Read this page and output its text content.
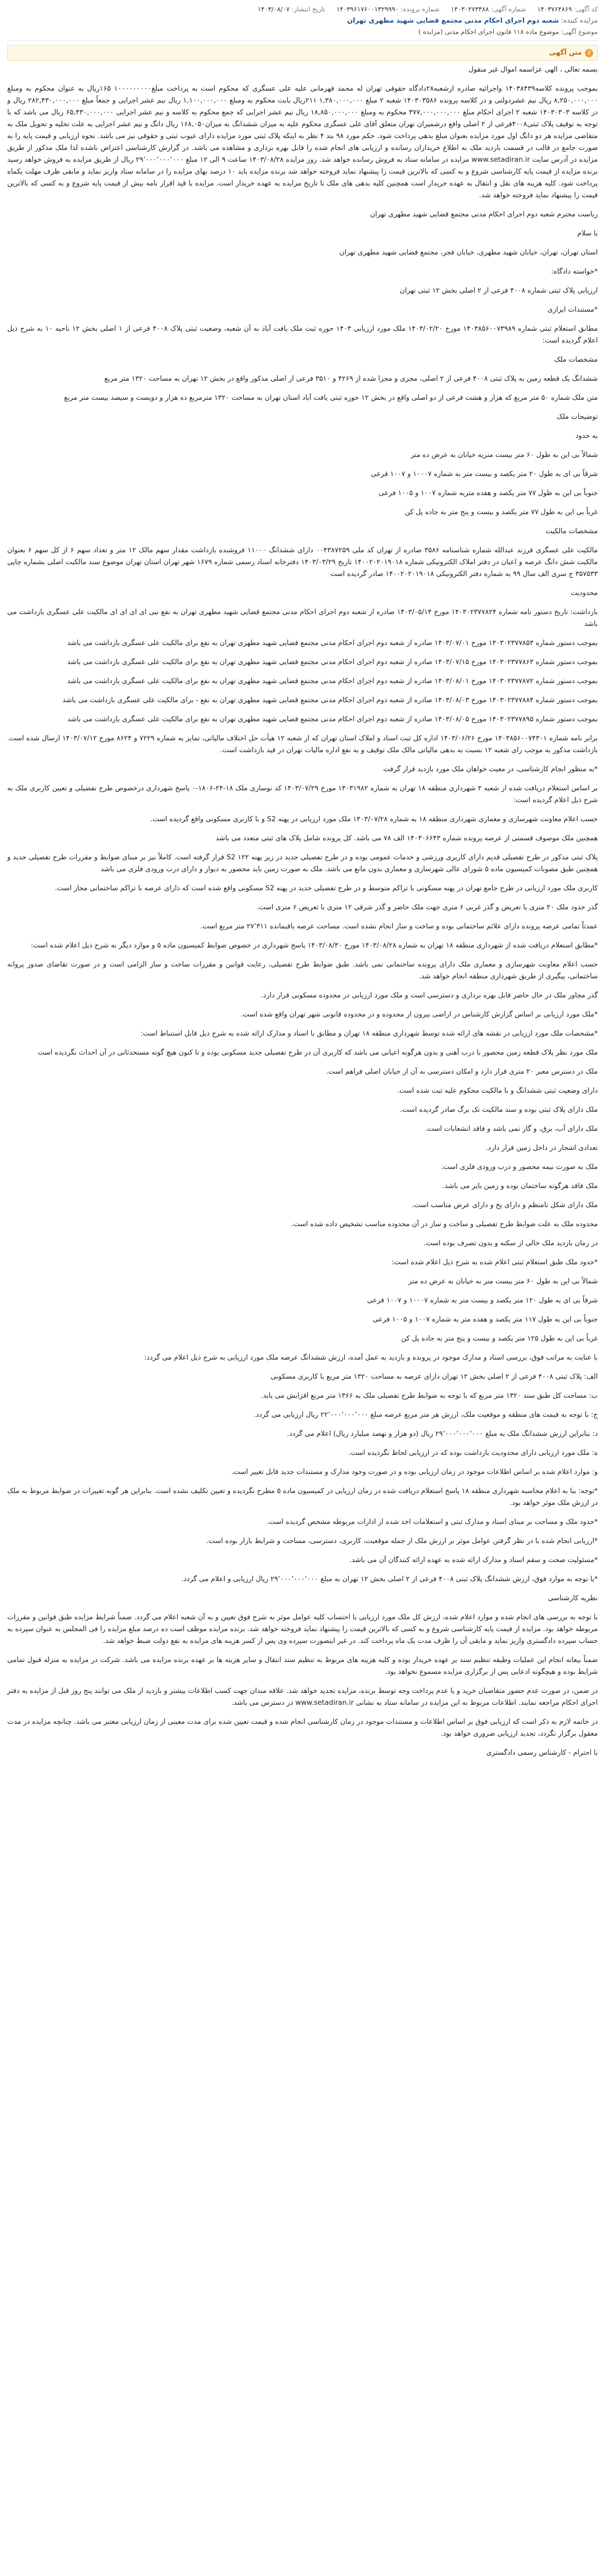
کد آگهی: ۱۴۰۳۷۶۴۸۶۹
شماره آگهی: ۱۴۰۳۰۲۷۳۳۸۸
شماره پرونده: ۱۴۰۳۹۶۱۷۶۰۰۱۳۲۹۹۹۰
تاریخ انتشار: ۱۴۰۳/۰۸/۰۷
مزایده کننده: شعبه دوم اجرای احکام مدنی مجتمع قضایی شهید مطهری تهران
موضوع آگهی: موضوع ماده ۱۱۸ قانون اجرای احکام مدنی (مزایده )
i
متن آگهی

بسمه تعالی ، الهی عزاسمه اموال غیر منقول

بموجب پرونده کلاسه۱۴۰۳۸۴۳۹ واجرائیه صادره ازشعبه۲۸دادگاه حقوقی تهران له محمد قهرمانی علیه علی عسگری که محکوم است به پرداخت مبلغ۱۰۰۰۰۰۰۰۰۰ ۱۶۵ریال به عنوان محکوم به ومبلغ ۸,۲۵۰,۰۰۰,۰۰۰ ریال نیم عشردولتی و در کلاسه پرونده ۱۴۰۳۰۳۵۸۶ شعبه ۲ مبلغ ۱,۳۸۰,۰۰۰,۰۰۰ ۲۱۱ریال بابت محکوم به ومبلغ ۱,۱۰۰,۰۰۰,۰۰۰ ریال نیم عشر اجرایی و جمعاً مبلغ ۲۸۲,۴۳۰,۰۰۰,۰۰۰ ریال و در کلاسه ۱۴۰۳۰۳۰۳ شعبه ۲ اجرای احکام مبلغ ۳۷۷,۰۰۰,۰۰۰,۰۰۰ محکوم به ومبلغ ۱۸,۸۵۰,۰۰۰,۰۰۰ ریال نیم عشر اجرایی که جمع محکوم به کلاسه و نیم عشر اجرایی ۶۵,۴۳۰,۰۰۰,۰۰۰ ریال می باشد که با توجه به توقیف پلاک ثبتی۴۰۰۸فرعی از ۲ اصلی واقع درشمیران تهران متعلق آقای علی عسگری محکوم علیه به میزان ششدانگ به میزان۱۶۸,۰۵۰ ریال دانگ و نیم عشر اجرایی به علت تخلیه و تحویل ملک به متقاضی مزایده هر دو دانگ اول مورد مزایده بعنوان مبلغ بدهی پرداخت شود. حکم مورد ۹۸ بند ۴ نظر به اینکه پلاک ثبتی مورد مزایده دارای عیوب ثبتی و حقوقی نیز می باشد. نحوه ارزیابی و قیمت پایه را به صورت جامع در قالب در قسمت بازدید ملک به اطلاع خریداران رسانده و ارزیابی های انجام شده را قابل بهره برداری و مشاهده می باشد. در گزارش کارشناسی اعتراض ناشده لذا ملک مذکور از طریق مزایده در آدرس سایت www.setadiran.ir مزایده در سامانه ستاد به فروش رسانده خواهد شد. روز مزایده ۱۴۰۳/۰۸/۲۸ ساعت ۹ الی ۱۲ مبلغ ۲۹٬۰۰۰٬۰۰۰٬۰۰۰ ریال از طریق مزایده به فروش خواهد رسید برنده مزایده از قیمت پایه کارشناسی شروع و به کسی که بالاترین قیمت را پیشنهاد نماید فروخته خواهد شد برنده مزایده باید ۱۰ درصد بهای مزایده را در سامانه ستاد واریز نماید و مابقی ظرف مهلت یکماه پرداخت شود. کلیه هزینه های نقل و انتقال به عهده خریدار است همچنین کلیه بدهی های ملک تا تاریخ مزایده به عهده خریدار است. مزایده با قید اقرار نامه بیش از قیمت پایه شروع و به کسی که بالاترین قیمت را پیشنهاد نماید فروخته خواهد شد.

ریاست محترم شعبه دوم اجرای احکام مدنی مجتمع قضایی شهید مطهری تهران

با سلام

استان تهران، تهران، خیابان شهید مطهری، خیابان فجر، مجتمع قضایی شهید مطهری تهران

*خواسته دادگاه:

ارزیابی پلاک ثبتی شماره ۴۰۰۸ فرعی از ۲ اصلی بخش ۱۲ ثبتی تهران

*مستندات ابرازی

مطابق استعلام ثبتی شماره ۱۴۰۳۸۵۶۰۰۷۳۹۸۹ مورخ ۱۴۰۳/۰۲/۲۰ ملک مورد ارزیابی ۱۴۰۳ حوزه ثبت ملک یافت آباد به آن شعبه، وضعیت ثبتی پلاک ۴۰۰۸ فرعی از ۱ اصلی بخش ۱۲ ناحیه ۱۰ به شرح ذیل اعلام گردیده است:

مشخصات ملک

ششدانگ یک قطعه زمین به پلاک ثبتی ۴۰۰۸ فرعی از ۲ اصلی، مجزی و مجزا شده از ۴۲۶۹ و ۳۵۱۰ فرعی از اصلی مذکور واقع در بخش ۱۲ تهران به مساحت ۱۳۲۰ متر مربع

متن ملک شماره ۵۰ متر مربع که هزار و هشت فرعی از دو اصلی واقع در بخش ۱۲ حوزه ثبتی یافت آباد استان تهران به مساحت ۱۳۲۰ مترمربع ده هزار و دویست و سیصد بیست متر مربع

توضیحات ملک

به حدود

شمالاً بی این به طول ۶۰ متر بیست متریه خیابان به عرض ده متر

شرقاً بی ای به طول ۲۰ متر یکصد و بیست متر به شماره ۱۰۰۰۷ و ۱۰۰۷ فرعی

جنوباً بی این به طول ۷۷ متر یکصد و هفده متریه شماره ۱۰۰۷ و ۱۰۰۵ فرعی

غرباً بی این به طول ۷۷ متر یکصد و بیست و پنج متر به جاده پل کن

مشخصات مالکیت

مالکیت علی عسگری فرزند عبدالله شماره شناسنامه ۳۵۸۶ صادره از تهران کد ملی ۰۰۴۳۸۷۲۵۹ دارای ششدانگ ۱۱۰۰۰ فروشنده بازداشت مقدار سهم مالک ۱۲ متر و تعداد سهم ۶ از کل سهم ۶ بعنوان مالکیت شش دانگ عرصه و اعیان در دفتر املاک الکترونیکی شماره ۱۴۰۰۲۰۲۰۱۹۰۱۸ تاریخ ۱۴۰۳/۰۳/۲۹ دفترخانه اسناد رسمی شماره ۱۶۷۹ شهر تهران استان تهران موضوع سند مالکیت اصلی بشماره چاپی ۳۵۷۵۳۳ ج سری الف سال ۹۹ به شماره دفتر الکترونیکی ۱۴۰۰۲۰۲۰۱۹۰۱۸ صادر گردیده است

محدودیت

بازداشت: تاریخ دستور نامه شماره ۱۴۰۳۰۲۳۷۷۸۲۴ مورخ ۱۴۰۳/۰۵/۱۴ صادره از شعبه دوم اجرای احکام مدنی مجتمع قضایی شهید مطهری تهران به نفع نبی ای ای ای ای مالکیت علی عسگری بازداشت می باشد

بموجب دستور شماره ۱۴۰۳۰۲۳۷۷۸۵۳ مورخ ۱۴۰۳/۰۷/۰۱ صادره از شعبه دوم اجرای احکام مدنی مجتمع قضایی شهید مطهری تهران به نفع برای مالکیت علی عسگری بازداشت می باشد

بموجب دستور شماره ۱۴۰۳۰۲۳۷۷۸۶۳ مورخ ۱۴۰۳/۰۷/۱۵ صادره از شعبه دوم اجرای احکام مدنی مجتمع قضایی شهید مطهری تهران به نفع برای مالکیت علی عسگری بازداشت می باشد

بموجب دستور شماره ۱۴۰۳۰۲۳۷۷۸۷۲ مورخ ۱۴۰۳/۰۸/۰۱ صادره از شعبه دوم اجرای احکام مدنی مجتمع قضایی شهید مطهری تهران به نفع برای مالکیت علی عسگری بازداشت می باشد

بموجب دستور شماره ۱۴۰۳۰۲۳۷۷۸۸۴ مورخ ۱۴۰۳/۰۸/۰۳ صادره از شعبه دوم اجرای احکام مدنی مجتمع قضایی شهید مطهری تهران به نفع - برای مالکیت علی عسگری بازداشت می باشد

بموجب دستور شماره ۱۴۰۳۰۲۳۷۷۸۹۵ مورخ ۱۴۰۳/۰۸/۰۵ صادره از شعبه دوم اجرای احکام مدنی مجتمع قضایی شهید مطهری تهران به نفع برای مالکیت علی عسگری بازداشت می باشد

برابر نامه شماره ۱۴۰۳۸۵۶۰۰۷۴۳۰۱ مورخ ۱۴۰۳/۰۶/۲۶ اداره کل ثبت اسناد و املاک استان تهران که از شعبه ۱۲ هیأت حل اختلاف مالیاتی، تمایز به شماره ۷۲۲۹ و ۸۶۲۴ مورخ ۱۴۰۳/۰۷/۱۲ ارسال شده است. بازداشت مذکور به موجب رای شعبه ۱۲ نسبت به بدهی مالیاتی مالک ملک توقیف و به نفع اداره مالیات تهران در قید بازداشت است.

*به منظور انجام کارشناسی، در معیت خواهان ملک مورد بازدید قرار گرفت

بر اساس استعلام دریافت شده از شعبه ۲ شهرداری منطقه ۱۸ تهران به شماره ۱۴۰۳۱۹۸۲ مورخ ۱۴۰۳/۰۷/۲۹ کد نوسازی ملک ۱۸-۲۴-۱۸۰۶-۰ پاسخ شهرداری درخصوص طرح تفضیلی و تعیین کاربری ملک به شرح ذیل اعلام گردیده است:

حسب اعلام معاونت شهرسازی و معماری شهرداری منطقه ۱۸ به شماره ۱۴۰۳/۰۷/۲۸ ملک مورد ارزیابی در پهنه S2 و با کاربری مسکونی واقع گردیده است.

همچنین ملک موصوف قسمتی از عرصه پرونده شماره ۱۴۰۳۰۶۶۴۳ الف ۷۸ می باشد. کل پرونده شامل پلاک های ثبتی متعدد می باشد

پلاک ثبتی مذکور در طرح تفصیلی قدیم دارای کاربری ورزشی و خدمات عمومی بوده و در طرح تفصیلی جدید در زیر پهنه S2 ۱۲۲ قرار گرفته است. کاملاً نیز بر مبنای ضوابط و مقررات طرح تفصیلی جدید و همچنین طبق مصوبات کمیسیون ماده ۵ شورای عالی شهرسازی و معماری بدون مانع می باشد. ملک به صورت زمین باید محصور به دیوار و دارای درب ورودی فلزی می باشد

کاربری ملک مورد ارزیابی در طرح جامع تهران در پهنه مسکونی با تراکم متوسط و در طرح تفصیلی جدید در پهنه S2 مسکونی واقع شده است که دارای عرصه با تراکم ساختمانی مجاز است.

گذر حدود ملک ۲۰ متری با تعریض و گذر غربی ۶ متری جهت ملک حاضر و گذر شرقی ۱۲ متری با تعریض ۶ متری است.

عمدتاً تمامی عرصه پرونده دارای علائم ساختمانی بوده و ساخت و ساز انجام نشده است. مساحت عرصه باقیمانده ۲۷٬۳۱۱ متر مربع است.

*مطابق استعلام دریافت شده از شهرداری منطقه ۱۸ تهران به شماره ۱۴۰۳/۰۸/۲۸ مورخ ۱۴۰۳/۰۸/۳۰ پاسخ شهرداری در خصوص ضوابط کمیسیون ماده ۵ و موارد دیگر به شرح ذیل اعلام شده است:

حسب اعلام معاونت شهرسازی و معماری ملک دارای پرونده ساختمانی نمی باشد. طبق ضوابط طرح تفصیلی، رعایت قوانین و مقررات ساخت و ساز الزامی است و در صورت تقاضای صدور پروانه ساختمانی، پیگیری از طریق شهرداری منطقه انجام خواهد شد.

گذر مجاور ملک در حال حاضر قابل بهره برداری و دسترسی است و ملک مورد ارزیابی در محدوده مسکونی قرار دارد.

*ملک مورد ارزیابی بر اساس گزارش کارشناس در اراضی بیرون از محدوده و در محدوده قانونی شهر تهران واقع شده است.

*مشخصات ملک مورد ارزیابی در نقشه های ارائه شده توسط شهرداری منطقه ۱۸ تهران و مطابق با اسناد و مدارک ارائه شده به شرح ذیل قابل استنباط است:

ملک مورد نظر پلاک قطعه زمین محصور با درب آهنی و بدون هرگونه اعیانی می باشد که کاربری آن در طرح تفصیلی جدید مسکونی بوده و تا کنون هیچ گونه مستحدثاتی در آن احداث نگردیده است

ملک در دسترس معبر ۲۰ متری قرار دارد و امکان دسترسی به آن از خیابان اصلی فراهم است.

دارای وضعیت ثبتی ششدانگ و با مالکیت محکوم علیه ثبت شده است.

ملک دارای پلاک ثبتی بوده و سند مالکیت تک برگ صادر گردیده است.

ملک دارای آب، برق، و گاز نمی باشد و فاقد انشعابات است.

تعدادی اشجار در داخل زمین قرار دارد.

ملک به صورت نیمه محصور و درب ورودی فلزی است.

ملک فاقد هرگونه ساختمان بوده و زمین بایر می باشد.

ملک دارای شکل نامنظم و دارای پخ و دارای عرض مناسب است.

محدوده ملک به علت ضوابط طرح تفصیلی و ساخت و ساز در آن محدوده مناسب تشخیص داده شده است.

در زمان بازدید ملک خالی از سکنه و بدون تصرف بوده است.

*حدود ملک طبق استعلام ثبتی اعلام شده به شرح ذیل اعلام شده است:

شمالاً بی این به طول ۶۰ متر بیست متر به خیابان به عرض ده متر

شرقاً بی ای به طول ۱۲۰ متر یکصد و بیست متر به شماره ۱۰۰۰۷ و ۱۰۰۷ فرعی

جنوباً بی این به طول ۱۱۷ متر یکصد و هفده متر به شماره ۱۰۰۷ و ۱۰۰۵ فرعی

غرباً بی این به طول ۱۲۵ متر یکصد و بیست و پنج متر به جاده پل کن

با عنایت به مراتب فوق، بررسی اسناد و مدارک موجود در پرونده و بازدید به عمل آمده، ارزش ششدانگ عرصه ملک مورد ارزیابی به شرح ذیل اعلام می گردد:

الف: پلاک ثبتی ۴۰۰۸ فرعی از ۲ اصلی بخش ۱۲ تهران دارای عرصه به مساحت ۱۳۲۰ متر مربع با کاربری مسکونی

ب: مساحت کل طبق سند ۱۳۲۰ متر مربع که با توجه به ضوابط طرح تفصیلی ملک به ۱۳۶۶ متر مربع افزایش می یابد.

ج: با توجه به قیمت های منطقه و موقعیت ملک، ارزش هر متر مربع عرصه مبلغ ۲۲٬۰۰۰٬۰۰۰٬۰۰۰ ریال ارزیابی می گردد.

د: بنابراین ارزش ششدانگ ملک به مبلغ ۲۹٬۰۰۰٬۰۰۰٬۰۰۰ ریال (دو هزار و نهصد میلیارد ریال) اعلام می گردد.

ه: ملک مورد ارزیابی دارای محدودیت بازداشت بوده که در ارزیابی لحاظ نگردیده است.

و: موارد اعلام شده بر اساس اطلاعات موجود در زمان ارزیابی بوده و در صورت وجود مدارک و مستندات جدید قابل تغییر است.

*توجه: بنا به اعلام محاسبه شهرداری منطقه ۱۸ پاسخ استعلام دریافت شده در زمان ارزیابی در کمیسیون ماده ۵ مطرح نگردیده و تعیین تکلیف نشده است. بنابراین هر گونه تغییرات در ضوابط مربوط به ملک در ارزش ملک موثر خواهد بود.

*حدود ملک و مساحت بر مبنای اسناد و مدارک ثبتی و استعلامات اخذ شده از ادارات مربوطه مشخص گردیده است.

*ارزیابی انجام شده با در نظر گرفتن عوامل موثر بر ارزش ملک از جمله موقعیت، کاربری، دسترسی، مساحت و شرایط بازار بوده است.

*مسئولیت صحت و سقم اسناد و مدارک ارائه شده به عهده ارائه کنندگان آن می باشد.

*با توجه به موارد فوق، ارزش ششدانگ پلاک ثبتی ۴۰۰۸ فرعی از ۲ اصلی بخش ۱۲ تهران به مبلغ ۲۹٬۰۰۰٬۰۰۰٬۰۰۰ ریال ارزیابی و اعلام می گردد.

نظریه کارشناسی

با توجه به بررسی های انجام شده و موارد اعلام شده، ارزش کل ملک مورد ارزیابی با احتساب کلیه عوامل موثر به شرح فوق تعیین و به آن شعبه اعلام می گردد. ضمناً شرایط مزایده طبق قوانین و مقررات مربوطه خواهد بود. مزایده از قیمت پایه کارشناسی شروع و به کسی که بالاترین قیمت را پیشنهاد نماید فروخته خواهد شد. برنده مزایده موظف است ده درصد مبلغ مزایده را فی المجلس به عنوان سپرده به حساب سپرده دادگستری واریز نماید و مابقی آن را ظرف مدت یک ماه پرداخت کند. در غیر اینصورت سپرده وی پس از کسر هزینه های مزایده به نفع دولت ضبط خواهد شد.

ضمناً بیعانه انجام این عملیات وظیفه تنظیم سند بر عهده خریدار بوده و کلیه هزینه های مربوط به تنظیم سند انتقال و سایر هزینه ها بر عهده برنده مزایده می باشد. شرکت در مزایده به منزله قبول تمامی شرایط بوده و هیچگونه ادعایی پس از برگزاری مزایده مسموع نخواهد بود.

در ضمن، در صورت عدم حضور متقاضیان خرید و یا عدم پرداخت وجه توسط برنده، مزایده تجدید خواهد شد. علاقه مندان جهت کسب اطلاعات بیشتر و بازدید از ملک می توانند پنج روز قبل از مزایده به دفتر اجرای احکام مراجعه نمایند. اطلاعات مربوط به این مزایده در سامانه ستاد به نشانی www.setadiran.ir در دسترس می باشد.

در خاتمه لازم به ذکر است که ارزیابی فوق بر اساس اطلاعات و مستندات موجود در زمان کارشناسی انجام شده و قیمت تعیین شده برای مدت معینی از زمان ارزیابی معتبر می باشد. چنانچه مزایده در مدت معقول برگزار نگردد، تجدید ارزیابی ضروری خواهد بود.

با احترام - کارشناس رسمی دادگستری
